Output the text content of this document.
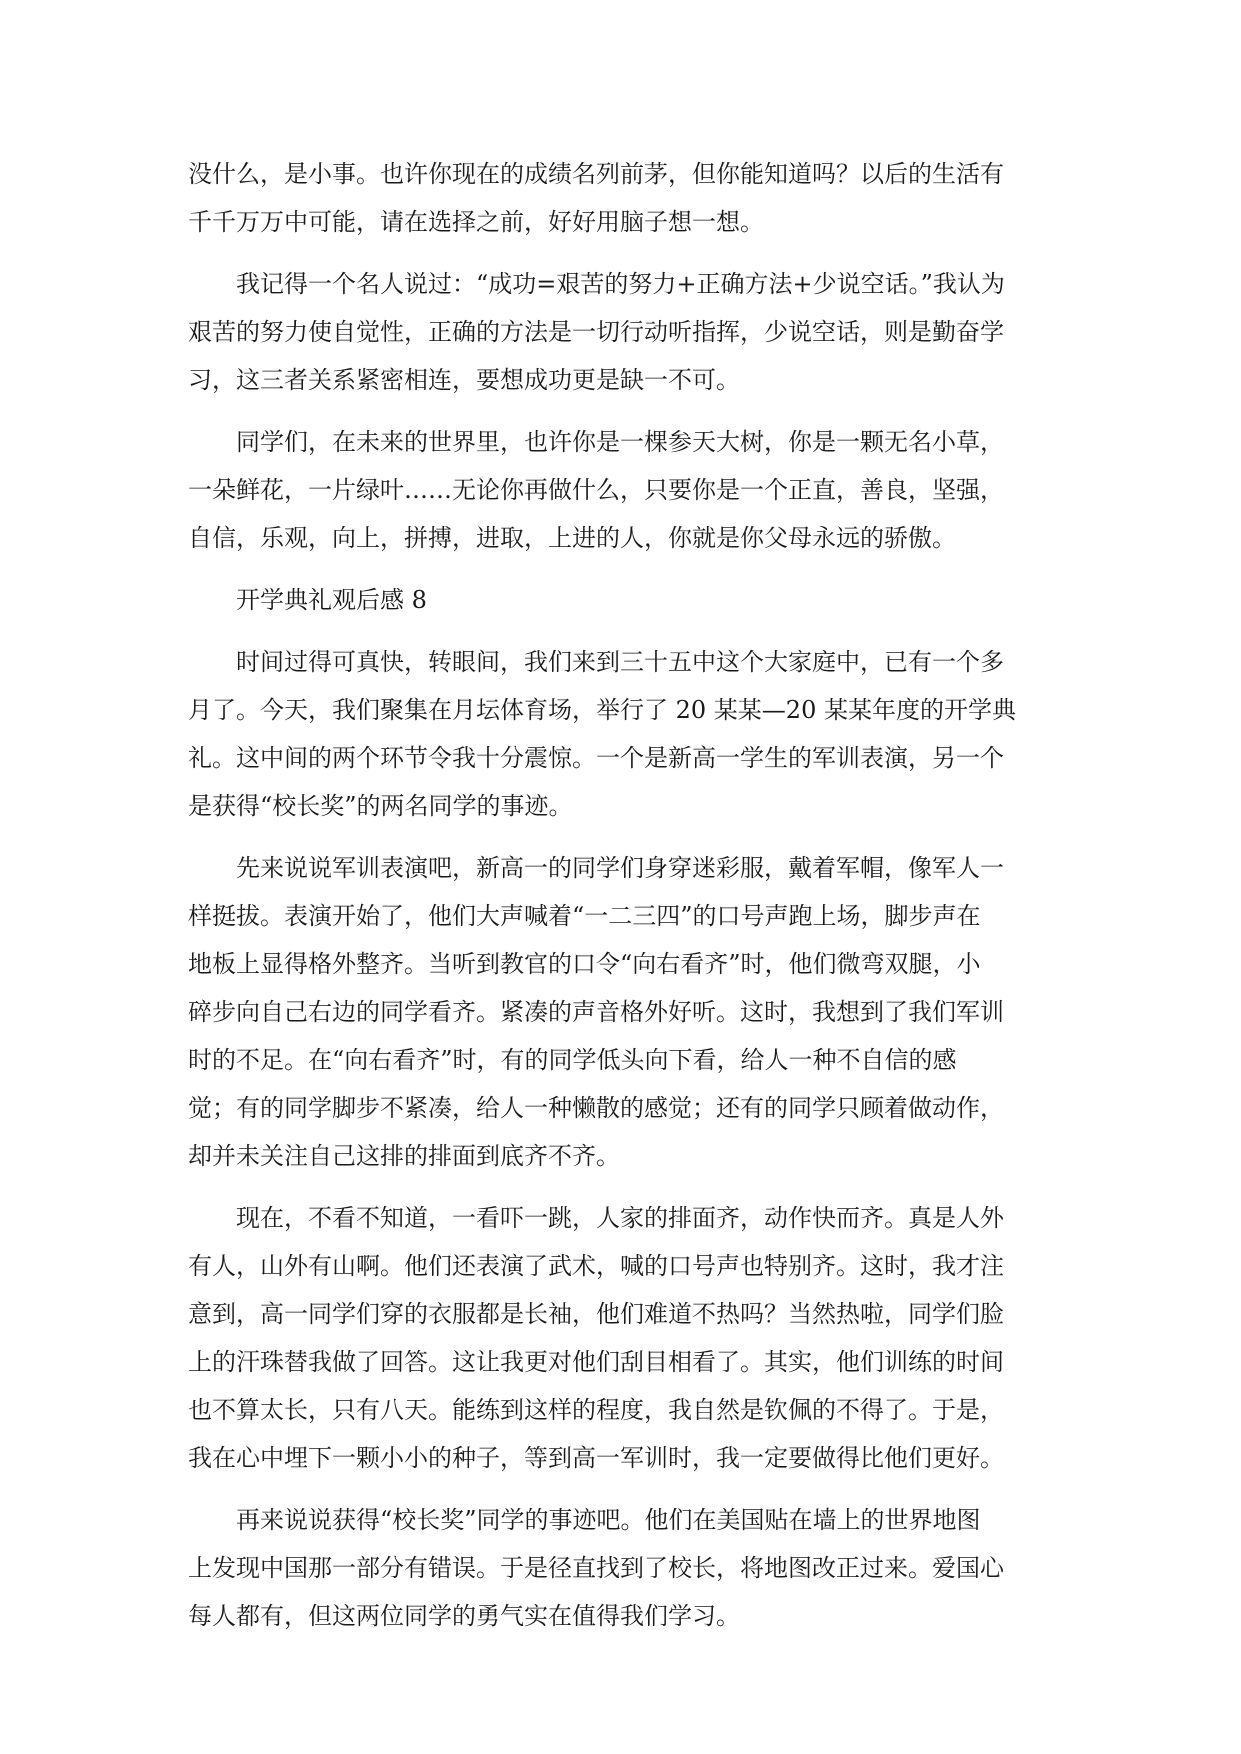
没什么，是小事。也许你现在的成绩名列前茅，但你能知道吗？以后的生活有
千千万万中可能，请在选择之前，好好用脑子想一想。
我记得一个名人说过：“成功=艰苦的努力+正确方法+少说空话。”我认为
艰苦的努力使自觉性，正确的方法是一切行动听指挥，少说空话，则是勤奋学
习，这三者关系紧密相连，要想成功更是缺一不可。
同学们，在未来的世界里，也许你是一棵参天大树，你是一颗无名小草，
一朵鲜花，一片绿叶……无论你再做什么，只要你是一个正直，善良，坚强，
自信，乐观，向上，拼搏，进取，上进的人，你就是你父母永远的骄傲。
开学典礼观后感 8
时间过得可真快，转眼间，我们来到三十五中这个大家庭中，已有一个多
月了。今天，我们聚集在月坛体育场，举行了 20 某某—20 某某年度的开学典
礼。这中间的两个环节令我十分震惊。一个是新高一学生的军训表演，另一个
是获得“校长奖”的两名同学的事迹。
先来说说军训表演吧，新高一的同学们身穿迷彩服，戴着军帽，像军人一
样挺拔。表演开始了，他们大声喊着“一二三四”的口号声跑上场，脚步声在
地板上显得格外整齐。当听到教官的口令“向右看齐”时，他们微弯双腿，小
碎步向自己右边的同学看齐。紧凑的声音格外好听。这时，我想到了我们军训
时的不足。在“向右看齐”时，有的同学低头向下看，给人一种不自信的感
觉；有的同学脚步不紧凑，给人一种懒散的感觉；还有的同学只顾着做动作，
却并未关注自己这排的排面到底齐不齐。
现在，不看不知道，一看吓一跳，人家的排面齐，动作快而齐。真是人外
有人，山外有山啊。他们还表演了武术，喊的口号声也特别齐。这时，我才注
意到，高一同学们穿的衣服都是长袖，他们难道不热吗？当然热啦，同学们脸
上的汗珠替我做了回答。这让我更对他们刮目相看了。其实，他们训练的时间
也不算太长，只有八天。能练到这样的程度，我自然是钦佩的不得了。于是，
我在心中埋下一颗小小的种子，等到高一军训时，我一定要做得比他们更好。
再来说说获得“校长奖”同学的事迹吧。他们在美国贴在墙上的世界地图
上发现中国那一部分有错误。于是径直找到了校长，将地图改正过来。爱国心
每人都有，但这两位同学的勇气实在值得我们学习。
